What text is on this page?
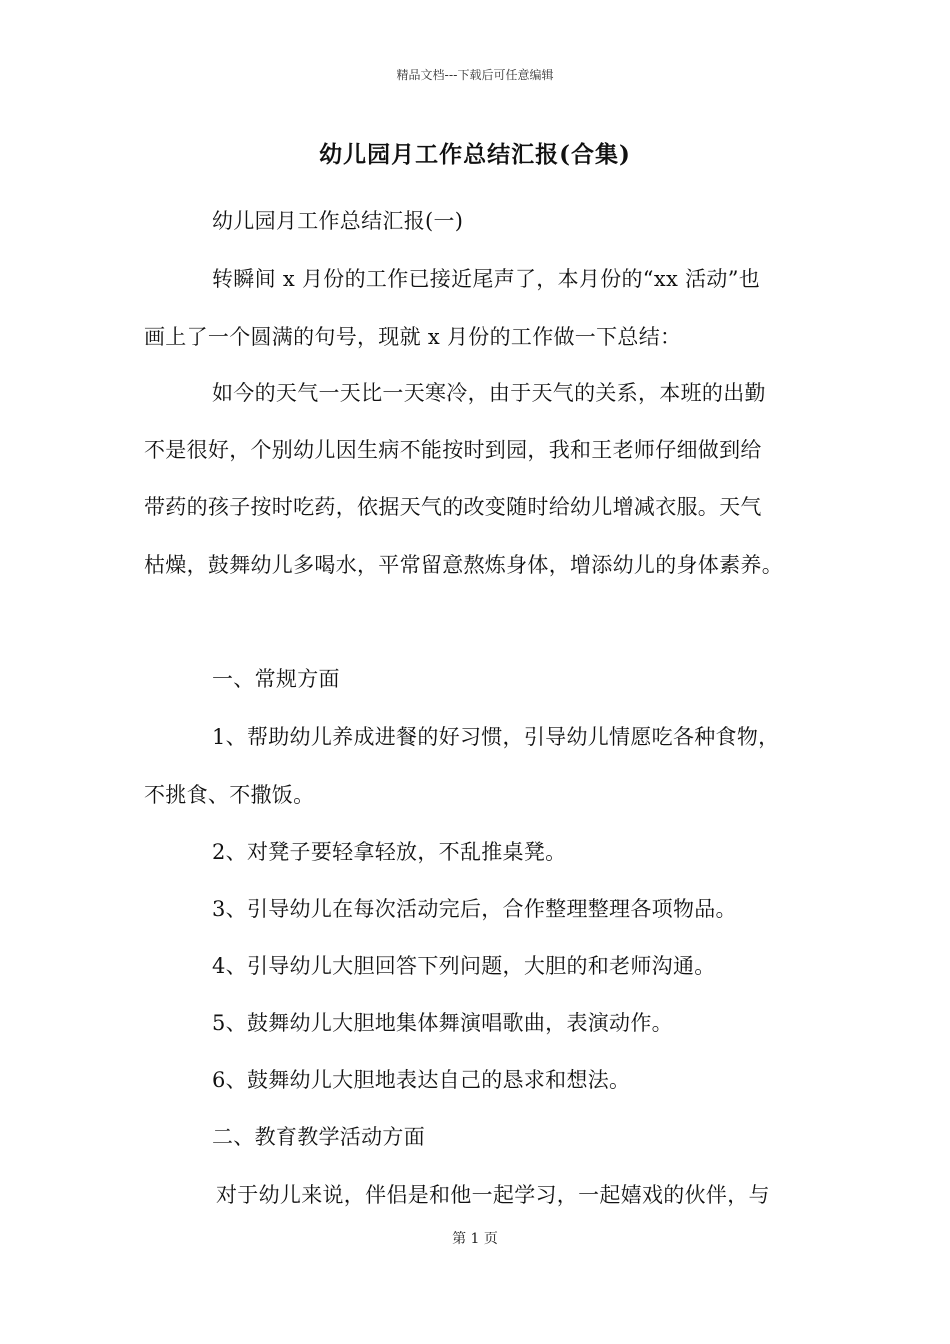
精品文档---下载后可任意编辑
幼儿园月工作总结汇报(合集)
幼儿园月工作总结汇报(一)
转瞬间 x 月份的工作已接近尾声了，本月份的“xx 活动”也
画上了一个圆满的句号，现就 x 月份的工作做一下总结：
如今的天气一天比一天寒冷，由于天气的关系，本班的出勤
不是很好，个别幼儿因生病不能按时到园，我和王老师仔细做到给
带药的孩子按时吃药，依据天气的改变随时给幼儿增减衣服。天气
枯燥，鼓舞幼儿多喝水，平常留意熬炼身体，增添幼儿的身体素养。
一、常规方面
1、帮助幼儿养成进餐的好习惯，引导幼儿情愿吃各种食物，
不挑食、不撒饭。
2、对凳子要轻拿轻放，不乱推桌凳。
3、引导幼儿在每次活动完后，合作整理整理各项物品。
4、引导幼儿大胆回答下列问题，大胆的和老师沟通。
5、鼓舞幼儿大胆地集体舞演唱歌曲，表演动作。
6、鼓舞幼儿大胆地表达自己的恳求和想法。
二、教育教学活动方面
对于幼儿来说，伴侣是和他一起学习，一起嬉戏的伙伴，与
第 1 页
